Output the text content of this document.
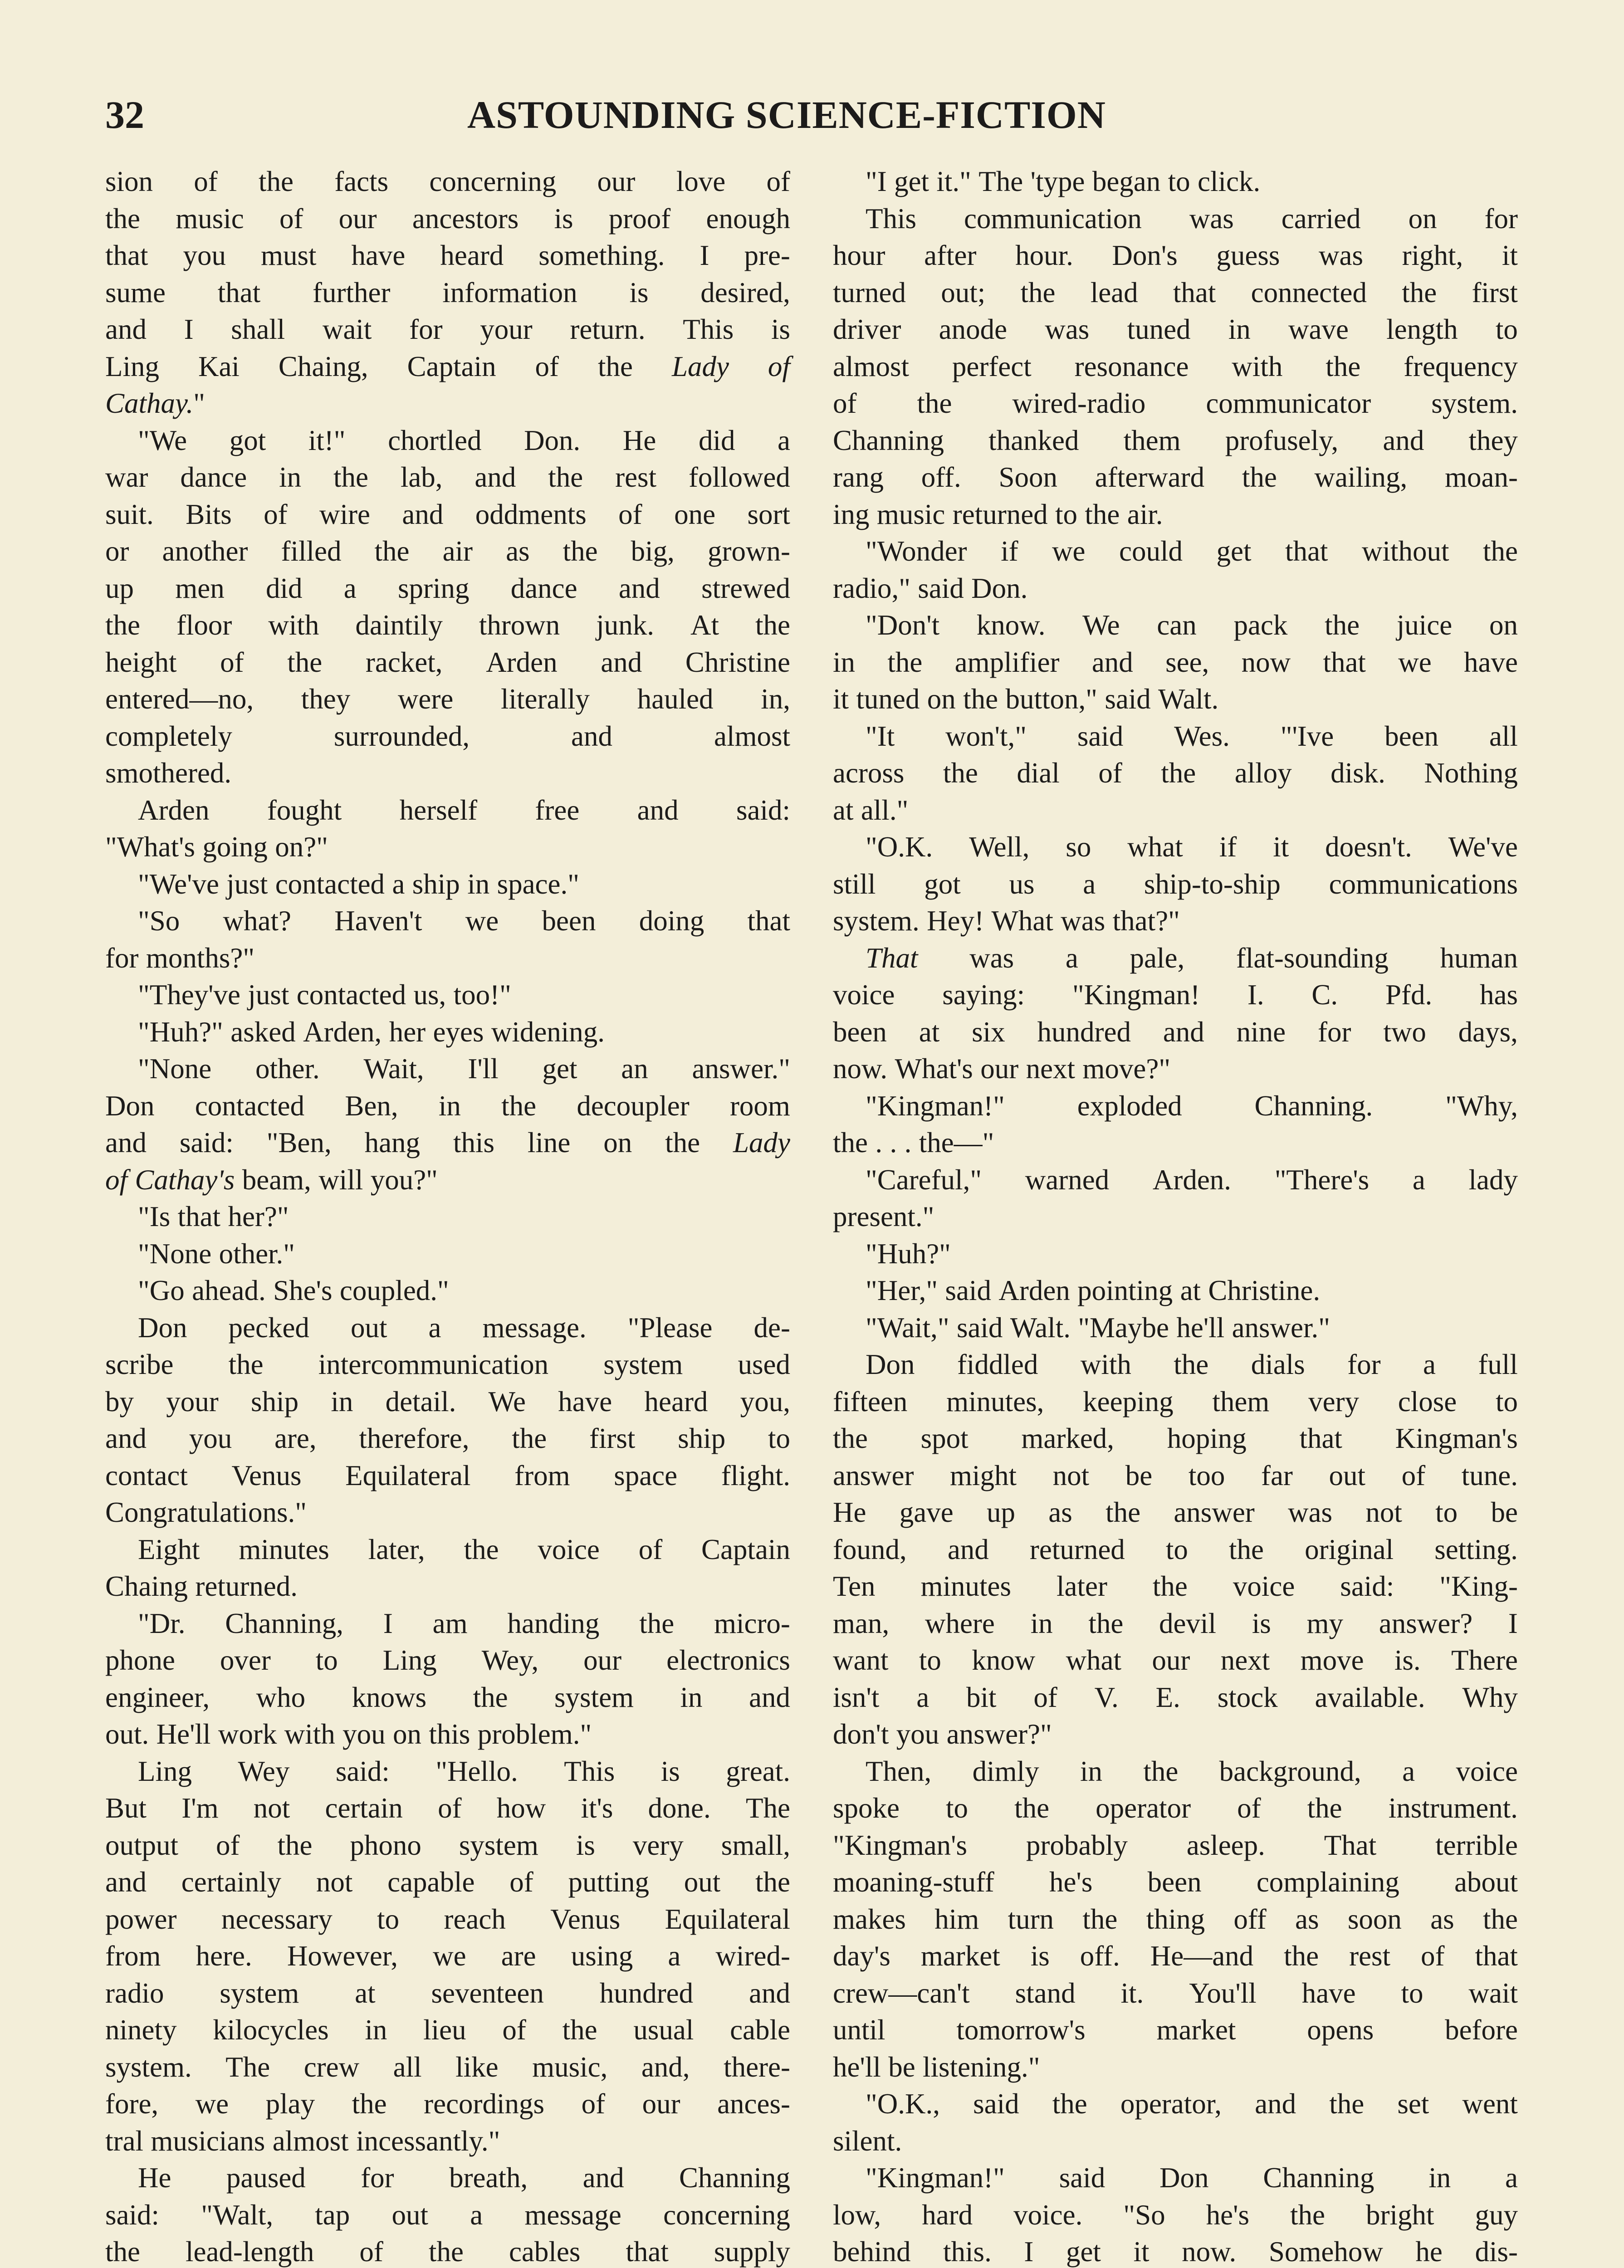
32	ASTOUNDING SCIENCE-FICTION
sion of the facts concerning our love of
the music of our ancestors is proof enough
that you must have heard something. I pre-
sume that further information is desired,
and I shall wait for your return. This is
Ling Kai Chaing, Captain of the Lady of
Cathay."
"We got it!" chortled Don. He did a
war dance in the lab, and the rest followed
suit. Bits of wire and oddments of one sort
or another filled the air as the big, grown-
up men did a spring dance and strewed
the floor with daintily thrown junk. At the
height of the racket, Arden and Christine
entered—no, they were literally hauled in,
completely	surrounded,	and	almost
smothered.
Arden fought herself free and said:
"What's going on?"
"We've just contacted a ship in space."
"So what? Haven't we been doing that
for months?"
"They've just contacted us, too!"
"Huh?" asked Arden, her eyes widening.
"None other. Wait, I'll get an answer."
Don contacted Ben, in the decoupler room
and said: "Ben, hang this line on the Lady
of Cathay's beam, will you?"
"Is that her?"
"None other."
"Go ahead. She's coupled."
Don pecked out a message. "Please de-
scribe the intercommunication system used
by your ship in detail. We have heard you,
and you are, therefore, the first ship to
contact Venus Equilateral from space flight.
Congratulations."
Eight minutes later, the voice of Captain
Chaing returned.
"Dr. Channing, I am handing the micro-
phone over to Ling Wey, our electronics
engineer, who knows the system in and
out. He'll work with you on this problem."
Ling Wey said: "Hello. This is great.
But I'm not certain of how it's done. The
output of the phono system is very small,
and certainly not capable of putting out the
power necessary to reach Venus Equilateral
from here. However, we are using a wired-
radio system at seventeen hundred and
ninety kilocycles in lieu of the usual cable
system. The crew all like music, and, there-
fore, we play the recordings of our ances-
tral musicians almost incessantly."
He paused for breath, and Channing
said: "Walt, tap out a message concerning
the lead-length of the cables that supply
"I get it." The 'type began to click.
This communication was carried on for
hour after hour. Don's guess was right, it
turned out; the lead that connected the first
driver anode was tuned in wave length to
almost perfect resonance with the frequency
of the wired-radio communicator system.
Channing thanked them profusely, and they
rang off. Soon afterward the wailing, moan-
ing music returned to the air.
"Wonder if we could get that without the
radio," said Don.
"Don't know. We can pack the juice on
in the amplifier and see, now that we have
it tuned on the button," said Walt.
"It won't," said Wes. "'Ive been all
across the dial of the alloy disk. Nothing
at all."
"O.K. Well, so what if it doesn't. We've
still got us a ship-to-ship communications
system. Hey! What was that?"
That was a pale, flat-sounding human
voice saying: "Kingman! I. C. Pfd. has
been at six hundred and nine for two days,
now. What's our next move?"
"Kingman!"	exploded	Channing.	"Why,
the . . . the—"
"Careful," warned Arden. "There's a lady
present."
"Huh?"
"Her," said Arden pointing at Christine.
"Wait," said Walt. "Maybe he'll answer."
Don fiddled with the dials for a full
fifteen minutes, keeping them very close to
the spot marked, hoping that Kingman's
answer might not be too far out of tune.
He gave up as the answer was not to be
found, and returned to the original setting.
Ten minutes later the voice said: "King-
man, where in the devil is my answer? I
want to know what our next move is. There
isn't a bit of V. E. stock available. Why
don't you answer?"
Then, dimly in the background, a voice
spoke to the operator of the instrument.
"Kingman's probably asleep. That terrible
moaning-stuff he's been complaining about
makes him turn the thing off as soon as the
day's market is off. He—and the rest of that
crew—can't stand it. You'll have to wait
until tomorrow's market opens before
he'll be listening."
"O.K., said the operator, and the set went
silent.
"Kingman!" said Don Channing in a
low, hard voice. "So he's the bright guy
behind this. I get it now. Somehow he dis-
